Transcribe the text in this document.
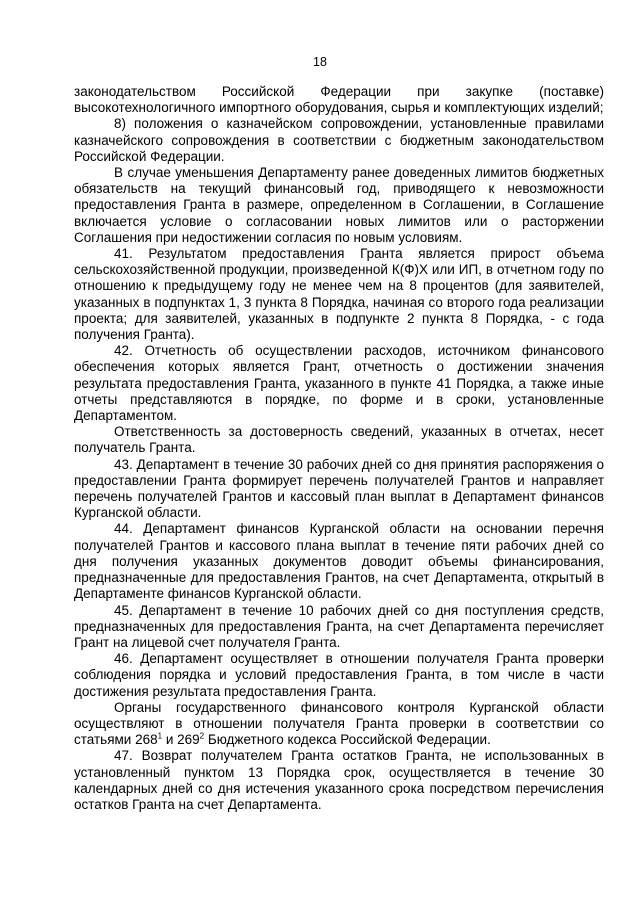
18

законодательством Российской Федерации при закупке (поставке) высокотехнологичного импортного оборудования, сырья и комплектующих изделий;

8) положения о казначейском сопровождении, установленные правилами казначейского сопровождения в соответствии с бюджетным законодательством Российской Федерации.

В случае уменьшения Департаменту ранее доведенных лимитов бюджетных обязательств на текущий финансовый год, приводящего к невозможности предоставления Гранта в размере, определенном в Соглашении, в Соглашение включается условие о согласовании новых лимитов или о расторжении Соглашения при недостижении согласия по новым условиям.

41. Результатом предоставления Гранта является прирост объема сельскохозяйственной продукции, произведенной К(Ф)Х или ИП, в отчетном году по отношению к предыдущему году не менее чем на 8 процентов (для заявителей, указанных в подпунктах 1, 3 пункта 8 Порядка, начиная со второго года реализации проекта; для заявителей, указанных в подпункте 2 пункта 8 Порядка, - с года получения Гранта).

42. Отчетность об осуществлении расходов, источником финансового обеспечения которых является Грант, отчетность о достижении значения результата предоставления Гранта, указанного в пункте 41 Порядка, а также иные отчеты представляются в порядке, по форме и в сроки, установленные Департаментом.

Ответственность за достоверность сведений, указанных в отчетах, несет получатель Гранта.

43. Департамент в течение 30 рабочих дней со дня принятия распоряжения о предоставлении Гранта формирует перечень получателей Грантов и направляет перечень получателей Грантов и кассовый план выплат в Департамент финансов Курганской области.

44. Департамент финансов Курганской области на основании перечня получателей Грантов и кассового плана выплат в течение пяти рабочих дней со дня получения указанных документов доводит объемы финансирования, предназначенные для предоставления Грантов, на счет Департамента, открытый в Департаменте финансов Курганской области.

45. Департамент в течение 10 рабочих дней со дня поступления средств, предназначенных для предоставления Гранта, на счет Департамента перечисляет Грант на лицевой счет получателя Гранта.

46. Департамент осуществляет в отношении получателя Гранта проверки соблюдения порядка и условий предоставления Гранта, в том числе в части достижения результата предоставления Гранта.

Органы государственного финансового контроля Курганской области осуществляют в отношении получателя Гранта проверки в соответствии со статьями $268^1$ и $269^2$ Бюджетного кодекса Российской Федерации.

47. Возврат получателем Гранта остатков Гранта, не использованных в установленный пунктом 13 Порядка срок, осуществляется в течение 30 календарных дней со дня истечения указанного срока посредством перечисления остатков Гранта на счет Департамента.
